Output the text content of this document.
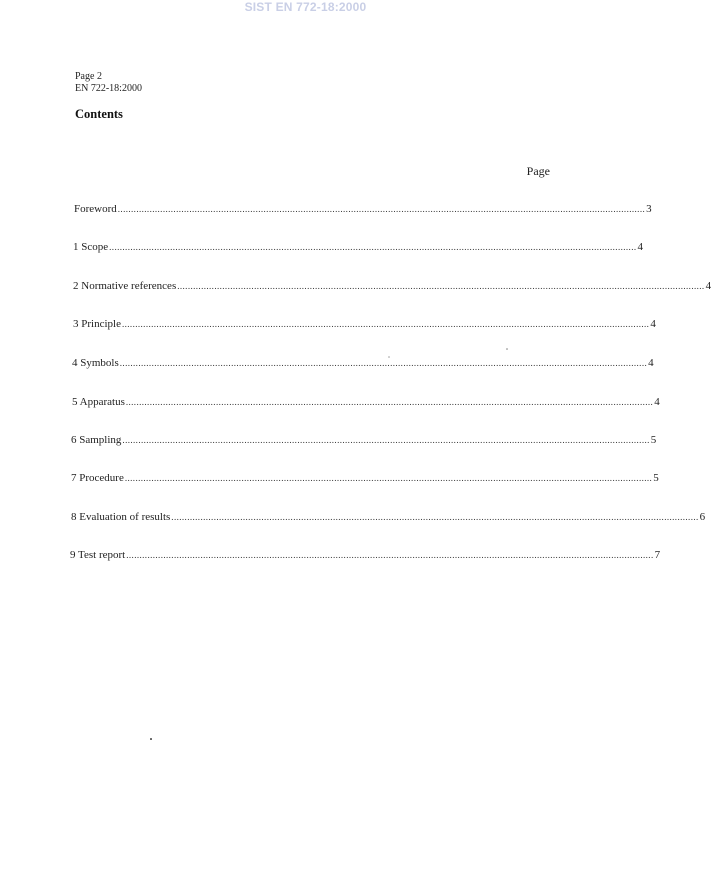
SIST EN 772-18:2000
Page 2
EN 722-18:2000
Contents
Page
Foreword ....................................................................................................................................................................................................... 3
1 Scope ....................................................................................................................................................................................................... 4
2 Normative references ....................................................................................................................................................................................................... 4
3 Principle ....................................................................................................................................................................................................... 4
4 Symbols ....................................................................................................................................................................................................... 4
5 Apparatus ....................................................................................................................................................................................................... 4
6 Sampling ....................................................................................................................................................................................................... 5
7 Procedure ....................................................................................................................................................................................................... 5
8 Evaluation of results ....................................................................................................................................................................................................... 6
9 Test report ....................................................................................................................................................................................................... 7
